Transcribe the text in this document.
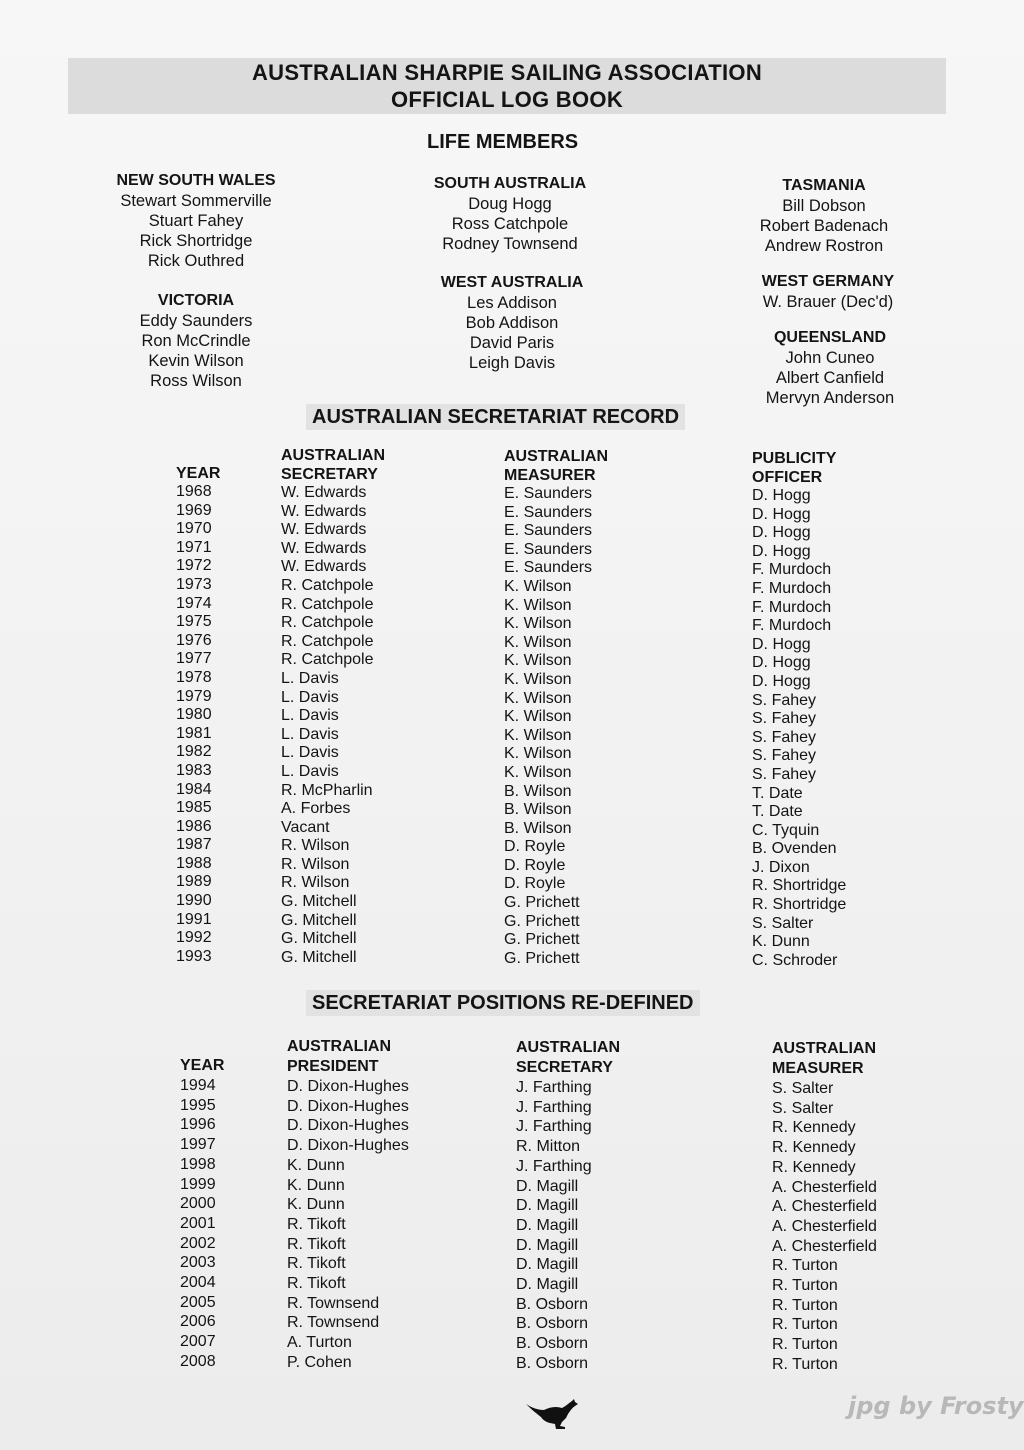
AUSTRALIAN SHARPIE SAILING ASSOCIATION
OFFICIAL LOG BOOK
LIFE MEMBERS
NEW SOUTH WALES
Stewart Sommerville
Stuart Fahey
Rick Shortridge
Rick Outhred
VICTORIA
Eddy Saunders
Ron McCrindle
Kevin Wilson
Ross Wilson
SOUTH AUSTRALIA
Doug Hogg
Ross Catchpole
Rodney Townsend
WEST AUSTRALIA
Les Addison
Bob Addison
David Paris
Leigh Davis
TASMANIA
Bill Dobson
Robert Badenach
Andrew Rostron
WEST GERMANY
W. Brauer (Dec'd)
QUEENSLAND
John Cuneo
Albert Canfield
Mervyn Anderson
AUSTRALIAN SECRETARIAT RECORD
YEAR
1968
1969
1970
1971
1972
1973
1974
1975
1976
1977
1978
1979
1980
1981
1982
1983
1984
1985
1986
1987
1988
1989
1990
1991
1992
1993
AUSTRALIAN
SECRETARY
W. Edwards
W. Edwards
W. Edwards
W. Edwards
W. Edwards
R. Catchpole
R. Catchpole
R. Catchpole
R. Catchpole
R. Catchpole
L. Davis
L. Davis
L. Davis
L. Davis
L. Davis
L. Davis
R. McPharlin
A. Forbes
Vacant
R. Wilson
R. Wilson
R. Wilson
G. Mitchell
G. Mitchell
G. Mitchell
G. Mitchell
AUSTRALIAN
MEASURER
E. Saunders
E. Saunders
E. Saunders
E. Saunders
E. Saunders
K. Wilson
K. Wilson
K. Wilson
K. Wilson
K. Wilson
K. Wilson
K. Wilson
K. Wilson
K. Wilson
K. Wilson
K. Wilson
B. Wilson
B. Wilson
B. Wilson
D. Royle
D. Royle
D. Royle
G. Prichett
G. Prichett
G. Prichett
G. Prichett
PUBLICITY
OFFICER
D. Hogg
D. Hogg
D. Hogg
D. Hogg
F. Murdoch
F. Murdoch
F. Murdoch
F. Murdoch
D. Hogg
D. Hogg
D. Hogg
S. Fahey
S. Fahey
S. Fahey
S. Fahey
S. Fahey
T. Date
T. Date
C. Tyquin
B. Ovenden
J. Dixon
R. Shortridge
R. Shortridge
S. Salter
K. Dunn
C. Schroder
SECRETARIAT POSITIONS RE-DEFINED
YEAR
1994
1995
1996
1997
1998
1999
2000
2001
2002
2003
2004
2005
2006
2007
2008
AUSTRALIAN
PRESIDENT
D. Dixon-Hughes
D. Dixon-Hughes
D. Dixon-Hughes
D. Dixon-Hughes
K. Dunn
K. Dunn
K. Dunn
R. Tikoft
R. Tikoft
R. Tikoft
R. Tikoft
R. Townsend
R. Townsend
A. Turton
P. Cohen
AUSTRALIAN
SECRETARY
J. Farthing
J. Farthing
J. Farthing
R. Mitton
J. Farthing
D. Magill
D. Magill
D. Magill
D. Magill
D. Magill
D. Magill
B. Osborn
B. Osborn
B. Osborn
B. Osborn
AUSTRALIAN
MEASURER
S. Salter
S. Salter
R. Kennedy
R. Kennedy
R. Kennedy
A. Chesterfield
A. Chesterfield
A. Chesterfield
A. Chesterfield
R. Turton
R. Turton
R. Turton
R. Turton
R. Turton
R. Turton
jpg by Frosty
